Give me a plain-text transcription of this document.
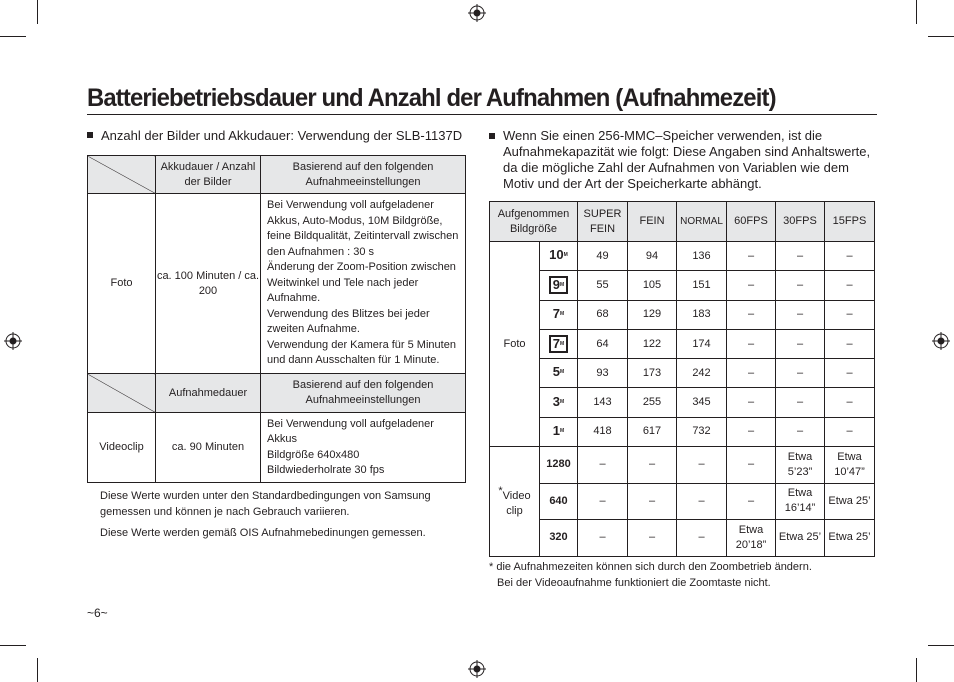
Batteriebetriebsdauer und Anzahl der Aufnahmen (Aufnahmezeit)
Anzahl der Bilder und Akkudauer: Verwendung der SLB-1137D
	Akkudauer / Anzahl der Bilder	Basierend auf den folgenden Aufnahmeeinstellungen
Foto	ca. 100 Minuten / ca. 200	Bei Verwendung voll aufgeladener Akkus, Auto-Modus, 10M Bildgröße, feine Bildqualität, Zeitintervall zwischen den Aufnahmen : 30 s
Änderung der Zoom-Position zwischen Weitwinkel und Tele nach jeder Aufnahme.
Verwendung des Blitzes bei jeder zweiten Aufnahme.
Verwendung der Kamera für 5 Minuten und dann Ausschalten für 1 Minute.

	Aufnahmedauer	Basierend auf den folgenden Aufnahmeeinstellungen
Videoclip	ca. 90 Minuten	Bei Verwendung voll aufgeladener Akkus
Bildgröße 640x480
Bildwiederholrate 30 fps
Diese Werte wurden unter den Standardbedingungen von Samsung gemessen und können je nach Gebrauch variieren.
Diese Werte werden gemäß OIS Aufnahmebedinungen gemessen.
~6~
Wenn Sie einen 256-MMC–Speicher verwenden, ist die Aufnahmekapazität wie folgt: Diese Angaben sind Anhaltswerte, da die mögliche Zahl der Aufnahmen von Variablen wie dem Motiv und der Art der Speicherkarte abhängt.
Aufgenommen Bildgröße		SUPER FEIN	FEIN	NORMAL	60FPS	30FPS	15FPS
Foto	$10^M$	49	94	136	–	–	–
	$9^M$	55	105	151	–	–	–
	$7^M$	68	129	183	–	–	–
	$7^M$	64	122	174	–	–	–
	$5^M$	93	173	242	–	–	–
	$3^M$	143	255	345	–	–	–
	$1^M$	418	617	732	–	–	–
*Video clip	1280	–	–	–	–	Etwa 5’23”	Etwa 10’47”
	640	–	–	–	–	Etwa 16’14”	Etwa 25’
	320	–	–	–	Etwa 20’18”	Etwa 25’	Etwa 25’
* die Aufnahmezeiten können sich durch den Zoombetrieb ändern.
Bei der Videoaufnahme funktioniert die Zoomtaste nicht.
